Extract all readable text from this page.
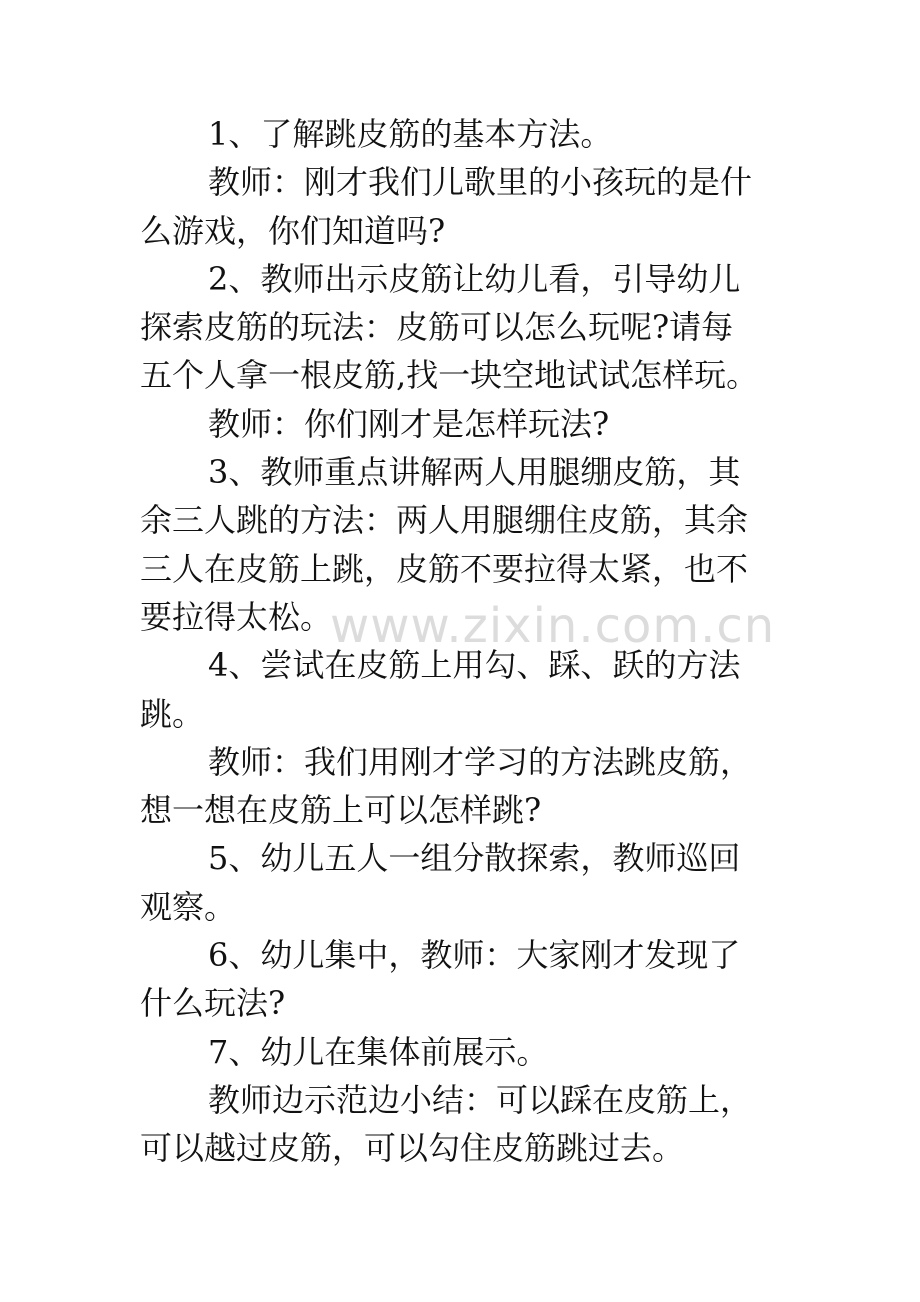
1、了解跳皮筋的基本方法。
教师：刚才我们儿歌里的小孩玩的是什
么游戏，你们知道吗?
2、教师出示皮筋让幼儿看，引导幼儿
探索皮筋的玩法：皮筋可以怎么玩呢?请每
五个人拿一根皮筋,找一块空地试试怎样玩。
教师：你们刚才是怎样玩法?
3、教师重点讲解两人用腿绷皮筋，其
余三人跳的方法：两人用腿绷住皮筋，其余
三人在皮筋上跳，皮筋不要拉得太紧，也不
要拉得太松。
4、尝试在皮筋上用勾、踩、跃的方法
跳。
教师：我们用刚才学习的方法跳皮筋，
想一想在皮筋上可以怎样跳?
5、幼儿五人一组分散探索，教师巡回
观察。
6、幼儿集中，教师：大家刚才发现了
什么玩法?
7、幼儿在集体前展示。
教师边示范边小结：可以踩在皮筋上，
可以越过皮筋，可以勾住皮筋跳过去。
www.zixin.com.cn
